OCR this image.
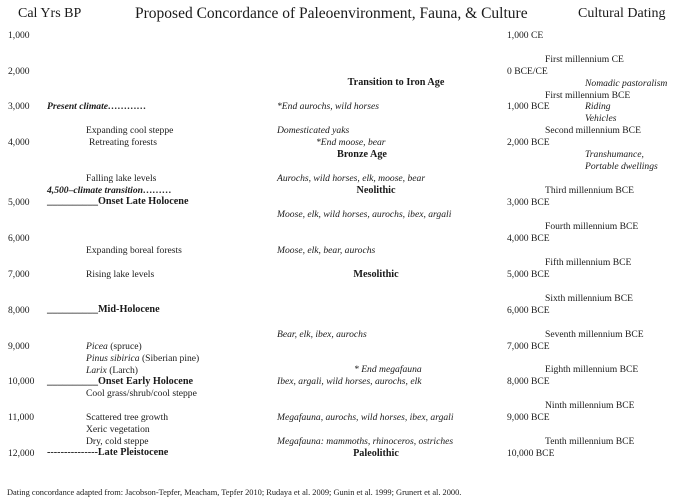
Cal Yrs BP	Proposed Concordance of Paleoenvironment, Fauna, & Culture	Cultural Dating
1,000
2,000
3,000
4,000
5,000
6,000
7,000
8,000
9,000
10,000
11,000
12,000
Present climate…………
Expanding cool steppe
Retreating forests
Falling lake levels
4,500–climate transition………
__________Onset Late Holocene
Expanding boreal forests
Rising lake levels
__________Mid-Holocene
Picea (spruce)
Pinus sibirica (Siberian pine)
Larix (Larch)
__________Onset Early Holocene
Cool grass/shrub/cool steppe
Scattered tree growth
Xeric vegetation
Dry, cold steppe
---------------Late Pleistocene
*End aurochs, wild horses
Domesticated yaks
*End moose, bear
Aurochs, wild horses, elk, moose, bear
Moose, elk, wild horses, aurochs, ibex, argali
Moose, elk, bear, aurochs
Bear, elk, ibex, aurochs
* End megafauna
Ibex, argali, wild horses, aurochs, elk
Megafauna, aurochs, wild horses, ibex, argali
Megafauna: mammoths, rhinoceros, ostriches
Transition to Iron Age
Bronze Age
Neolithic
Mesolithic
Paleolithic
1,000 CE
0 BCE/CE
1,000 BCE
2,000 BCE
3,000 BCE
4,000 BCE
5,000 BCE
6,000 BCE
7,000 BCE
8,000 BCE
9,000 BCE
10,000 BCE
First millennium CE
First millennium BCE
Second millennium BCE
Third millennium BCE
Fourth millennium BCE
Fifth millennium BCE
Sixth millennium BCE
Seventh millennium BCE
Eighth millennium BCE
Ninth millennium BCE
Tenth millennium BCE
Nomadic pastoralism
Riding
Vehicles
Transhumance,
Portable dwellings
Dating concordance adapted from: Jacobson-Tepfer, Meacham, Tepfer 2010; Rudaya et al. 2009; Gunin et al. 1999; Grunert et al. 2000.
